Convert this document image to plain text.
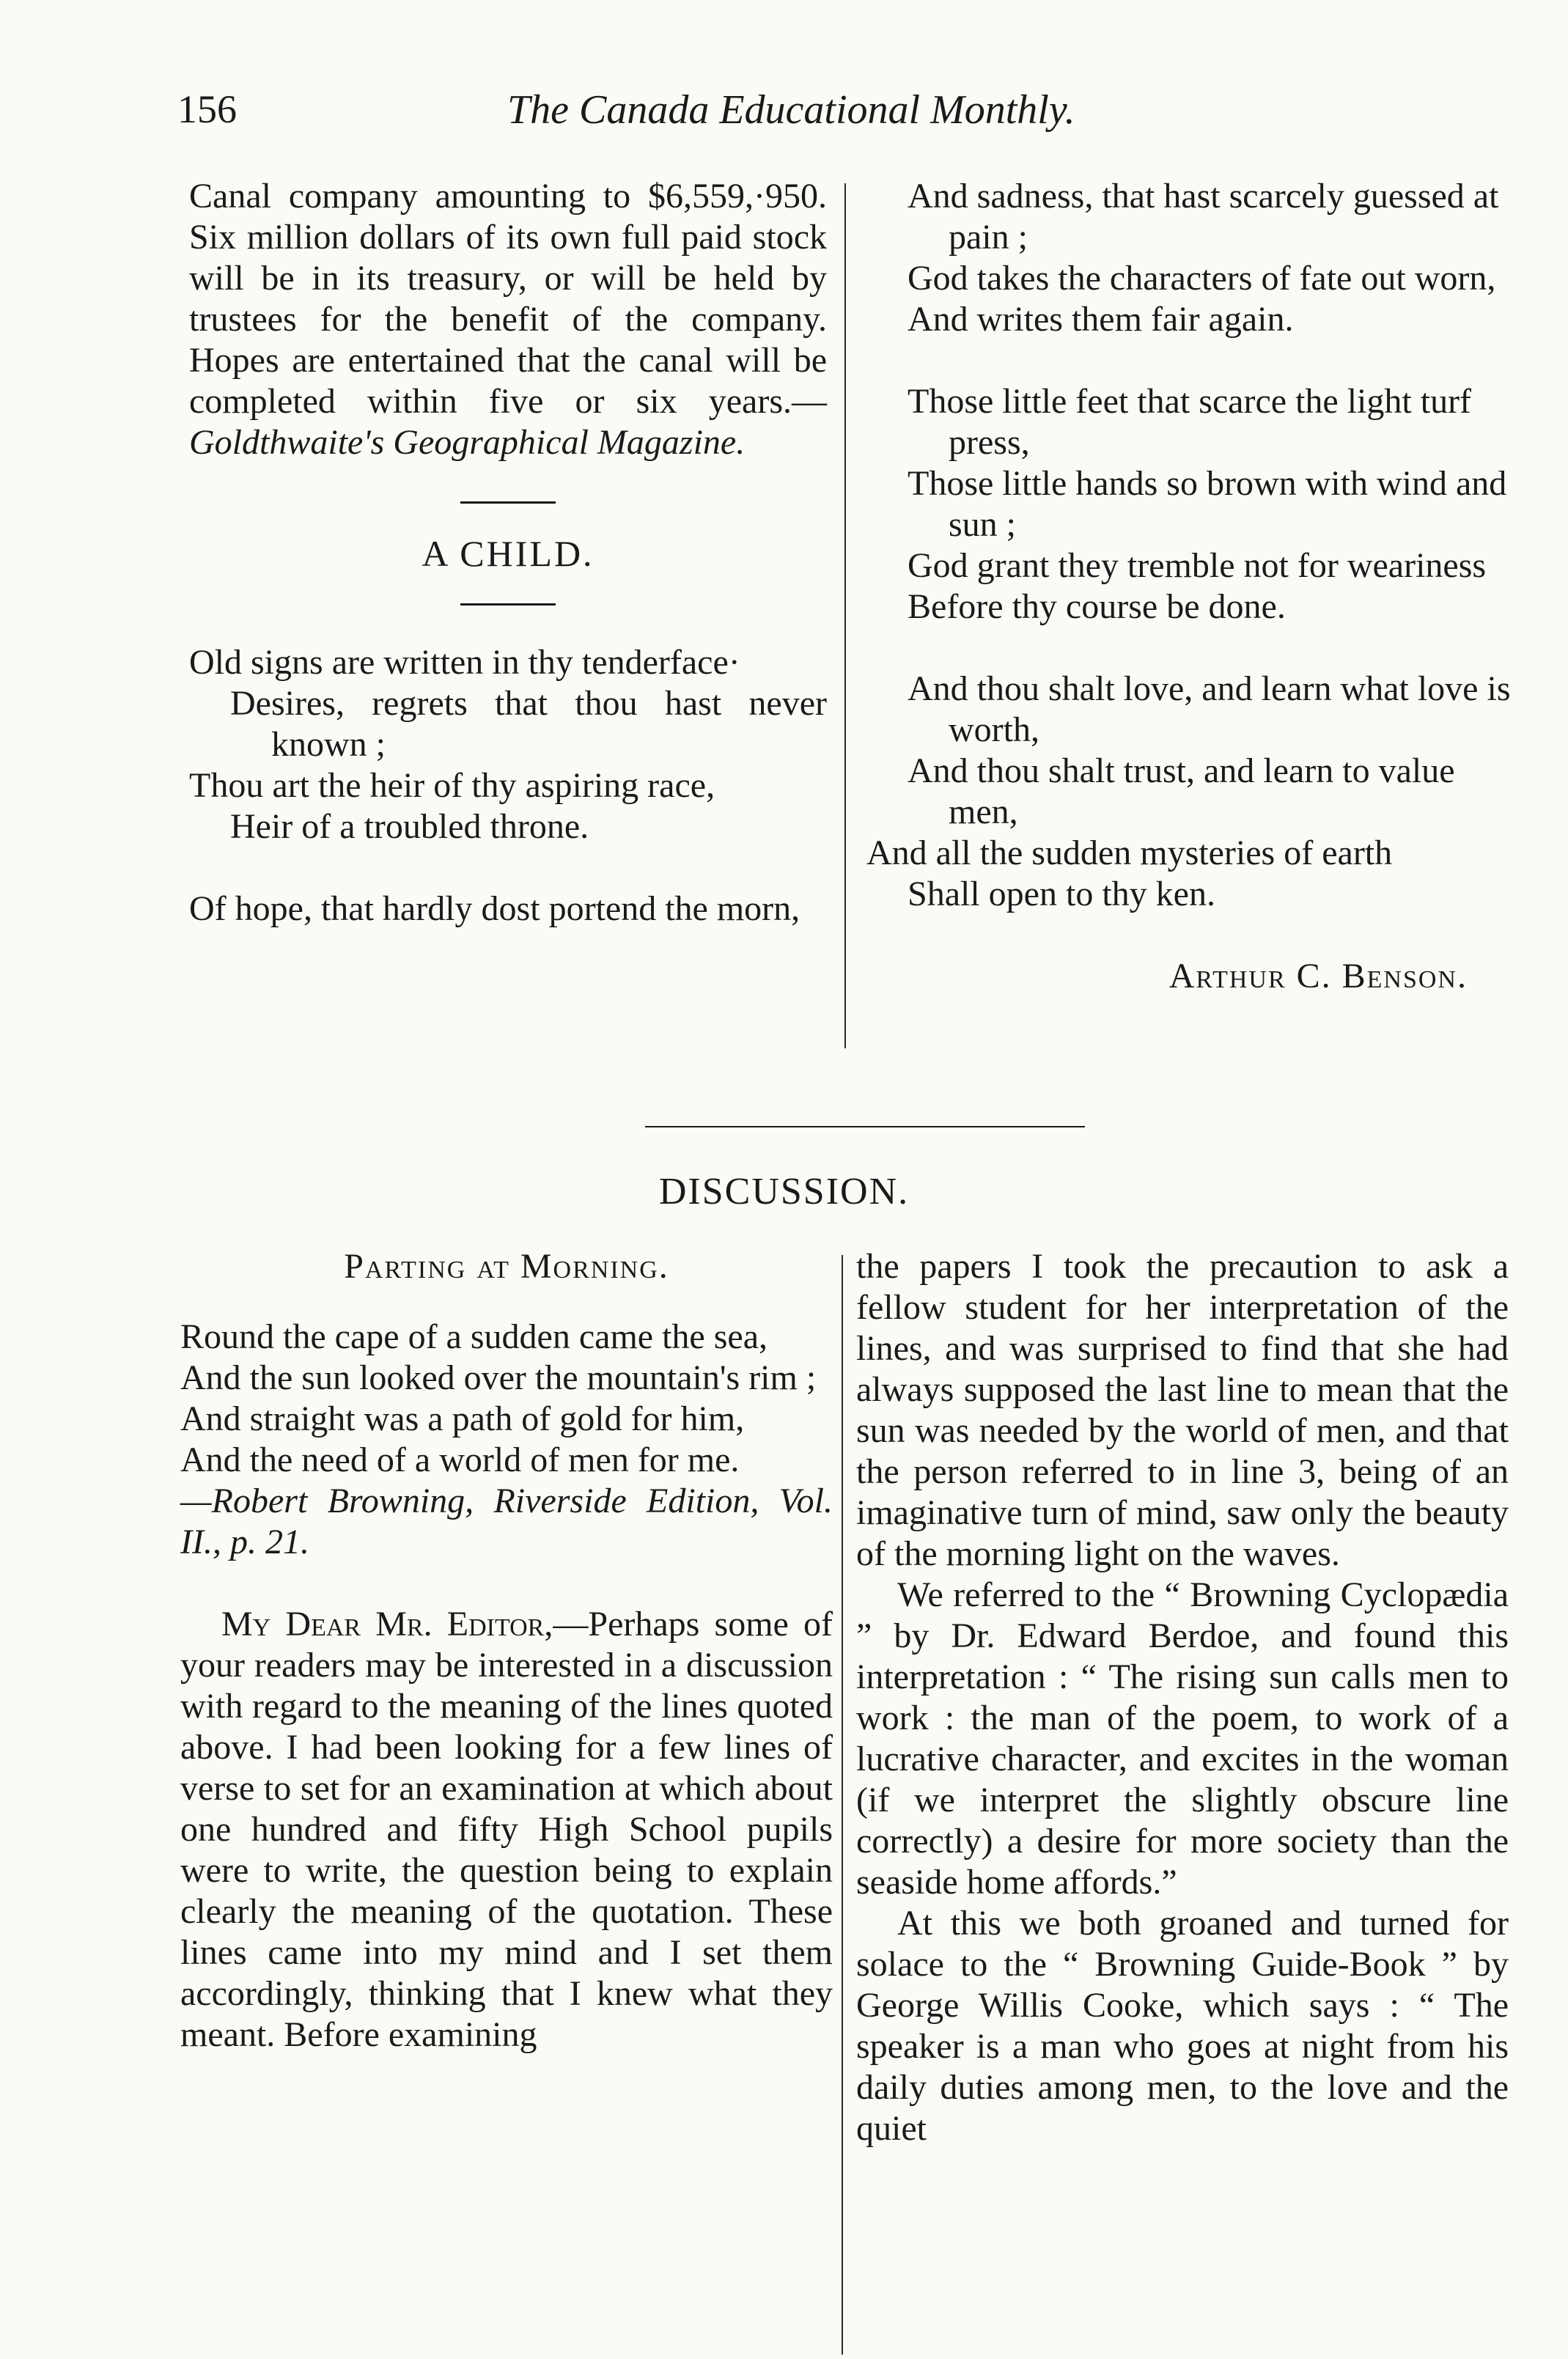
156	The Canada Educational Monthly.

Canal company amounting to $6,559,·950. Six million dollars of its own full paid stock will be in its treasury, or will be held by trustees for the benefit of the company. Hopes are entertained that the canal will be completed within five or six years.—Goldthwaite's Geographical Magazine.

A CHILD.

Old signs are written in thy tenderface·

Desires, regrets that thou hast never known ;

Thou art the heir of thy aspiring race,

Heir of a troubled throne.

Of hope, that hardly dost portend the morn,

And sadness, that hast scarcely guessed at pain ;

God takes the characters of fate out worn,

And writes them fair again.

Those little feet that scarce the light turf press,

Those little hands so brown with wind and sun ;

God grant they tremble not for weariness

Before thy course be done.

And thou shalt love, and learn what love is worth,

And thou shalt trust, and learn to value men,

And all the sudden mysteries of earth

Shall open to thy ken.

Arthur C. Benson.
DISCUSSION.
Parting at Morning.

Round the cape of a sudden came the sea,

And the sun looked over the mountain's rim ;

And straight was a path of gold for him,

And the need of a world of men for me.

—Robert Browning, Riverside Edition, Vol. II., p. 21.

My Dear Mr. Editor,—Perhaps some of your readers may be interested in a discussion with regard to the meaning of the lines quoted above. I had been looking for a few lines of verse to set for an examination at which about one hundred and fifty High School pupils were to write, the question being to explain clearly the meaning of the quotation. These lines came into my mind and I set them accordingly, thinking that I knew what they meant. Before examining

the papers I took the precaution to ask a fellow student for her interpretation of the lines, and was surprised to find that she had always supposed the last line to mean that the sun was needed by the world of men, and that the person referred to in line 3, being of an imaginative turn of mind, saw only the beauty of the morning light on the waves.

We referred to the “ Browning Cyclopædia ” by Dr. Edward Berdoe, and found this interpretation : “ The rising sun calls men to work : the man of the poem, to work of a lucrative character, and excites in the woman (if we interpret the slightly obscure line correctly) a desire for more society than the seaside home affords.”

At this we both groaned and turned for solace to the “ Browning Guide-Book ” by George Willis Cooke, which says : “ The speaker is a man who goes at night from his daily duties among men, to the love and the quiet
